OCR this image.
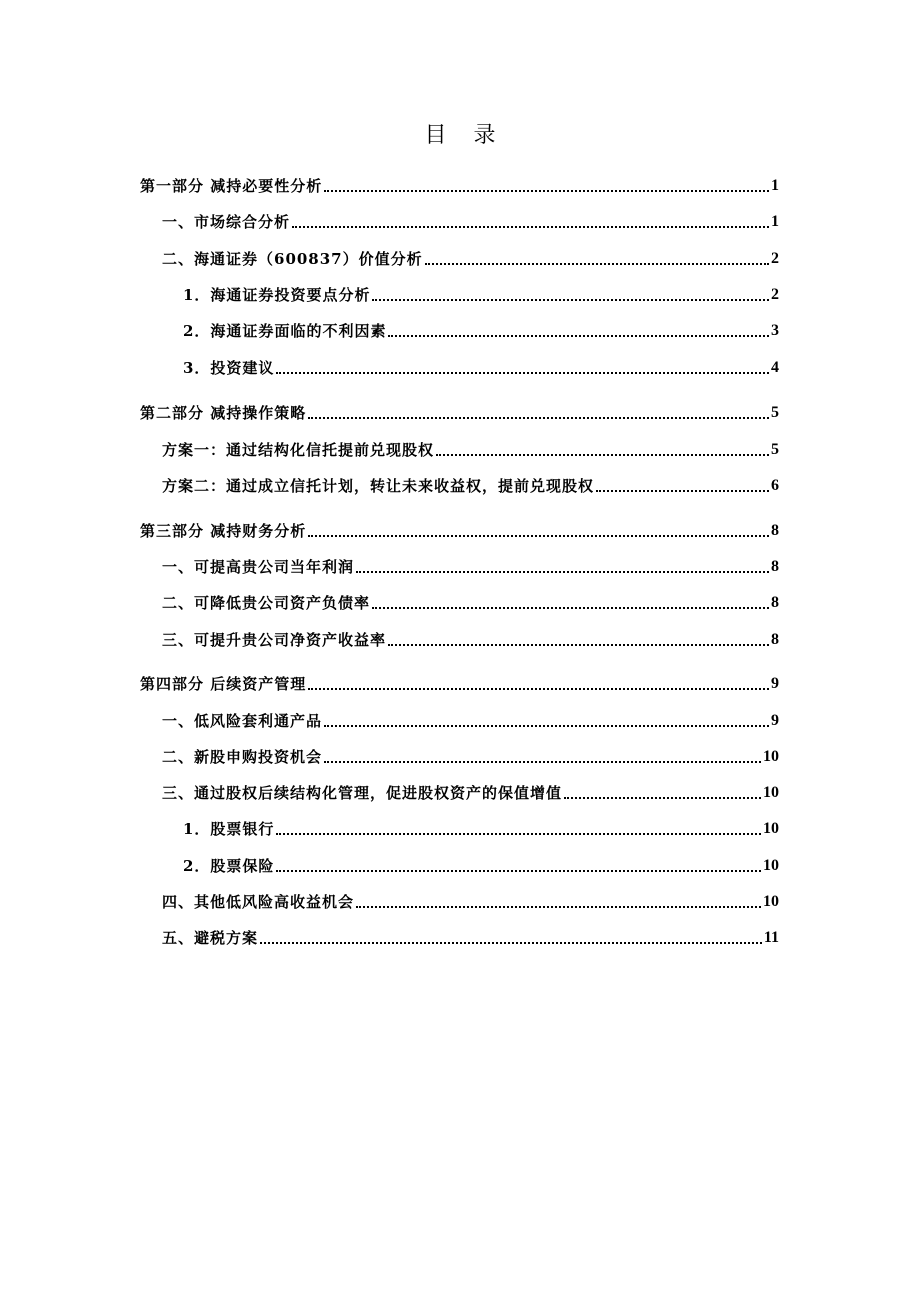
目 录
第一部分 减持必要性分析	1
一、市场综合分析	1
二、海通证券（600837）价值分析	2
1．海通证券投资要点分析	2
2．海通证券面临的不利因素	3
3．投资建议	4
第二部分 减持操作策略	5
方案一：通过结构化信托提前兑现股权	5
方案二：通过成立信托计划，转让未来收益权，提前兑现股权	6
第三部分 减持财务分析	8
一、可提高贵公司当年利润	8
二、可降低贵公司资产负债率	8
三、可提升贵公司净资产收益率	8
第四部分 后续资产管理	9
一、低风险套利通产品	9
二、新股申购投资机会	10
三、通过股权后续结构化管理，促进股权资产的保值增值	10
1．股票银行	10
2．股票保险	10
四、其他低风险高收益机会	10
五、避税方案	11
